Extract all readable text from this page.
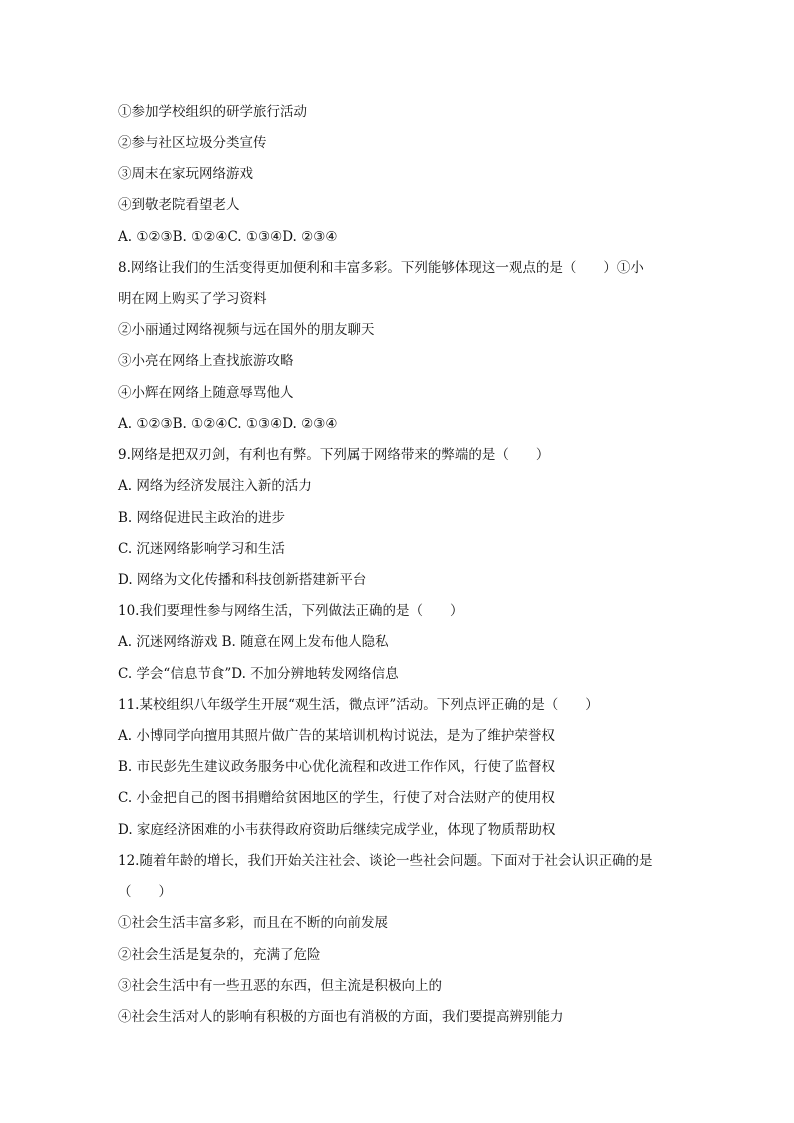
①参加学校组织的研学旅行活动
②参与社区垃圾分类宣传
③周末在家玩网络游戏
④到敬老院看望老人
A. ①②③B. ①②④C. ①③④D. ②③④
8.网络让我们的生活变得更加便利和丰富多彩。下列能够体现这一观点的是（　　）①小
明在网上购买了学习资料
②小丽通过网络视频与远在国外的朋友聊天
③小亮在网络上查找旅游攻略
④小辉在网络上随意辱骂他人
A. ①②③B. ①②④C. ①③④D. ②③④
9.网络是把双刃剑，有利也有弊。下列属于网络带来的弊端的是（　　）
A. 网络为经济发展注入新的活力
B. 网络促进民主政治的进步
C. 沉迷网络影响学习和生活
D. 网络为文化传播和科技创新搭建新平台
10.我们要理性参与网络生活，下列做法正确的是（　　）
A. 沉迷网络游戏 B. 随意在网上发布他人隐私
C. 学会“信息节食”D. 不加分辨地转发网络信息
11.某校组织八年级学生开展“观生活，微点评”活动。下列点评正确的是（　　）
A. 小博同学向擅用其照片做广告的某培训机构讨说法，是为了维护荣誉权
B. 市民彭先生建议政务服务中心优化流程和改进工作作风，行使了监督权
C. 小金把自己的图书捐赠给贫困地区的学生，行使了对合法财产的使用权
D. 家庭经济困难的小韦获得政府资助后继续完成学业，体现了物质帮助权
12.随着年龄的增长，我们开始关注社会、谈论一些社会问题。下面对于社会认识正确的是
（　　）
①社会生活丰富多彩，而且在不断的向前发展
②社会生活是复杂的，充满了危险
③社会生活中有一些丑恶的东西，但主流是积极向上的
④社会生活对人的影响有积极的方面也有消极的方面，我们要提高辨别能力
